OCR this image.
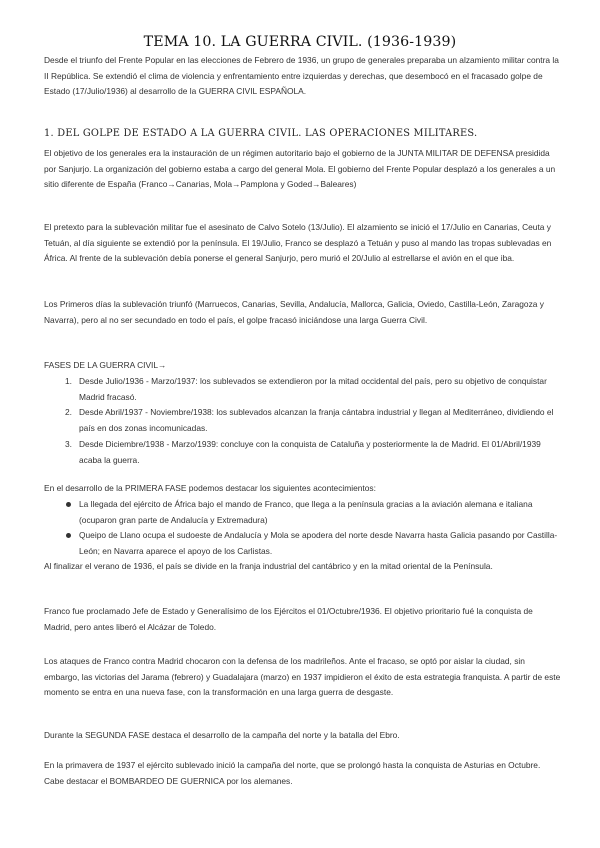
TEMA 10. LA GUERRA CIVIL. (1936-1939)

Desde el triunfo del Frente Popular en las elecciones de Febrero de 1936, un grupo de generales preparaba un alzamiento militar contra la II República. Se extendió el clima de violencia y enfrentamiento entre izquierdas y derechas, que desembocó en el fracasado golpe de Estado (17/Julio/1936) al desarrollo de la GUERRA CIVIL ESPAÑOLA.

1. DEL GOLPE DE ESTADO A LA GUERRA CIVIL. LAS OPERACIONES MILITARES.

El objetivo de los generales era la instauración de un régimen autoritario bajo el gobierno de la JUNTA MILITAR DE DEFENSA presidida por Sanjurjo. La organización del gobierno estaba a cargo del general Mola. El gobierno del Frente Popular desplazó a los generales a un sitio diferente de España (Franco→Canarias, Mola→Pamplona y Goded→Baleares)

El pretexto para la sublevación militar fue el asesinato de Calvo Sotelo (13/Julio). El alzamiento se inició el 17/Julio en Canarias, Ceuta y Tetuán, al día siguiente se extendió por la península. El 19/Julio, Franco se desplazó a Tetuán y puso al mando las tropas sublevadas en África. Al frente de la sublevación debía ponerse el general Sanjurjo, pero murió el 20/Julio al estrellarse el avión en el que iba.

Los Primeros días la sublevación triunfó (Marruecos, Canarias, Sevilla, Andalucía, Mallorca, Galicia, Oviedo, Castilla-León, Zaragoza y Navarra), pero al no ser secundado en todo el país, el golpe fracasó iniciándose una larga Guerra Civil.

FASES DE LA GUERRA CIVIL→

1. Desde Julio/1936 - Marzo/1937: los sublevados se extendieron por la mitad occidental del país, pero su objetivo de conquistar Madrid fracasó.
2. Desde Abril/1937 - Noviembre/1938: los sublevados alcanzan la franja cántabra industrial y llegan al Mediterráneo, dividiendo el país en dos zonas incomunicadas.
3. Desde Diciembre/1938 - Marzo/1939: concluye con la conquista de Cataluña y posteriormente la de Madrid. El 01/Abril/1939 acaba la guerra.

En el desarrollo de la PRIMERA FASE podemos destacar los siguientes acontecimientos:

La llegada del ejército de África bajo el mando de Franco, que llega a la península gracias a la aviación alemana e italiana (ocuparon gran parte de Andalucía y Extremadura)
Queipo de Llano ocupa el sudoeste de Andalucía y Mola se apodera del norte desde Navarra hasta Galicia pasando por Castilla-León; en Navarra aparece el apoyo de los Carlistas.

Al finalizar el verano de 1936, el país se divide en la franja industrial del cantábrico y en la mitad oriental de la Península.

Franco fue proclamado Jefe de Estado y Generalísimo de los Ejércitos el 01/Octubre/1936. El objetivo prioritario fué la conquista de Madrid, pero antes liberó el Alcázar de Toledo.

Los ataques de Franco contra Madrid chocaron con la defensa de los madrileños. Ante el fracaso, se optó por aislar la ciudad, sin embargo, las victorias del Jarama (febrero) y Guadalajara (marzo) en 1937 impidieron el éxito de esta estrategia franquista. A partir de este momento se entra en una nueva fase, con la transformación en una larga guerra de desgaste.

Durante la SEGUNDA FASE destaca el desarrollo de la campaña del norte y la batalla del Ebro.

En la primavera de 1937 el ejército sublevado inició la campaña del norte, que se prolongó hasta la conquista de Asturias en Octubre. Cabe destacar el BOMBARDEO DE GUERNICA por los alemanes.
